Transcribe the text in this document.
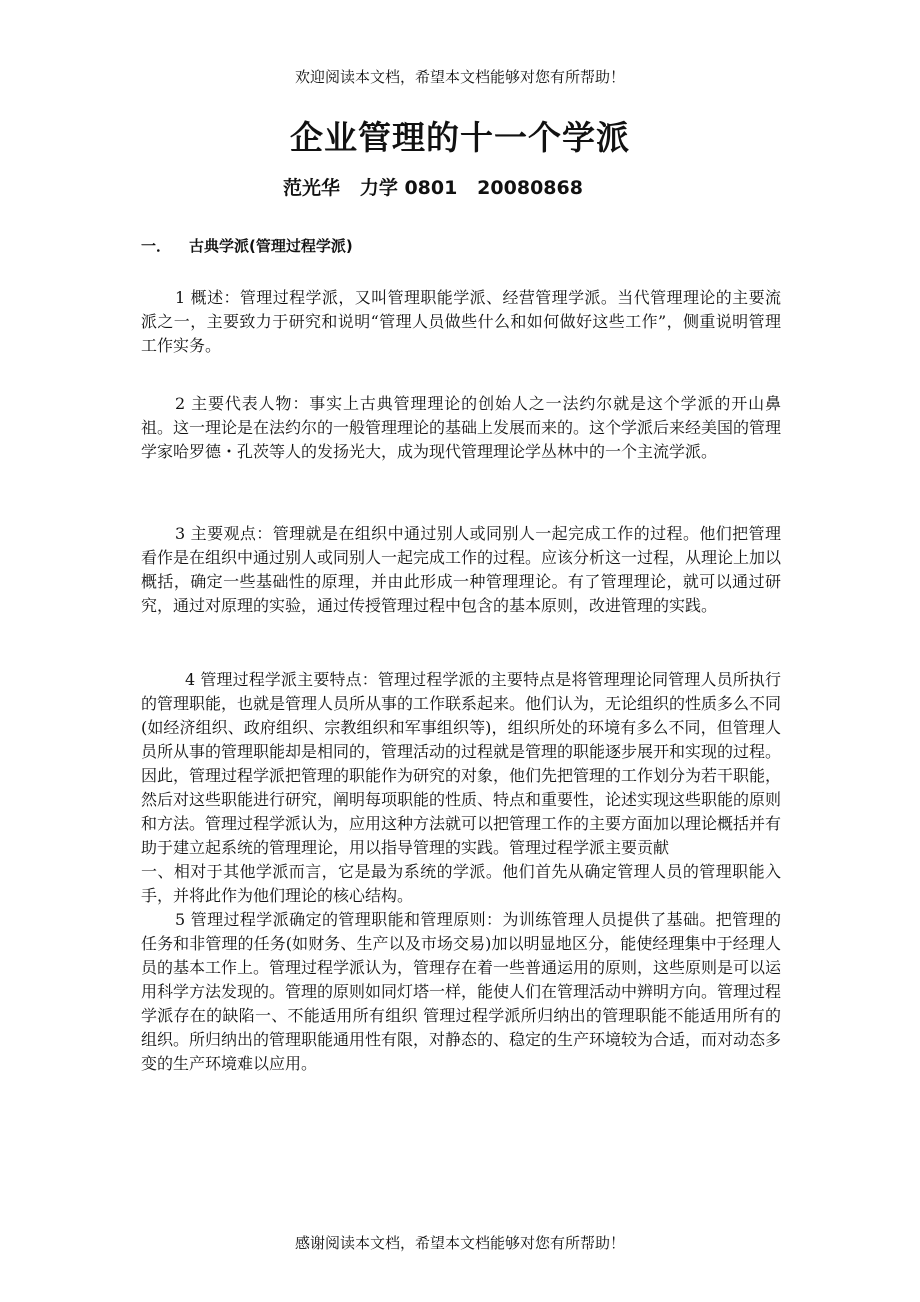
欢迎阅读本文档，希望本文档能够对您有所帮助！
企业管理的十一个学派
范光华   力学 0801   20080868
一． 古典学派(管理过程学派)

1 概述：管理过程学派，又叫管理职能学派、经营管理学派。当代管理理论的主要流派之一，主要致力于研究和说明“管理人员做些什么和如何做好这些工作”，侧重说明管理工作实务。

2 主要代表人物：事实上古典管理理论的创始人之一法约尔就是这个学派的开山鼻祖。这一理论是在法约尔的一般管理理论的基础上发展而来的。这个学派后来经美国的管理学家哈罗德・孔茨等人的发扬光大，成为现代管理理论学丛林中的一个主流学派。

3 主要观点：管理就是在组织中通过别人或同别人一起完成工作的过程。他们把管理看作是在组织中通过别人或同别人一起完成工作的过程。应该分析这一过程，从理论上加以概括，确定一些基础性的原理，并由此形成一种管理理论。有了管理理论，就可以通过研究，通过对原理的实验，通过传授管理过程中包含的基本原则，改进管理的实践。

4 管理过程学派主要特点：管理过程学派的主要特点是将管理理论同管理人员所执行的管理职能，也就是管理人员所从事的工作联系起来。他们认为，无论组织的性质多么不同(如经济组织、政府组织、宗教组织和军事组织等)，组织所处的环境有多么不同，但管理人员所从事的管理职能却是相同的，管理活动的过程就是管理的职能逐步展开和实现的过程。因此，管理过程学派把管理的职能作为研究的对象，他们先把管理的工作划分为若干职能，然后对这些职能进行研究，阐明每项职能的性质、特点和重要性，论述实现这些职能的原则和方法。管理过程学派认为，应用这种方法就可以把管理工作的主要方面加以理论概括并有助于建立起系统的管理理论，用以指导管理的实践。管理过程学派主要贡献

一、相对于其他学派而言，它是最为系统的学派。他们首先从确定管理人员的管理职能入手，并将此作为他们理论的核心结构。

5 管理过程学派确定的管理职能和管理原则：为训练管理人员提供了基础。把管理的任务和非管理的任务(如财务、生产以及市场交易)加以明显地区分，能使经理集中于经理人员的基本工作上。管理过程学派认为，管理存在着一些普通运用的原则，这些原则是可以运用科学方法发现的。管理的原则如同灯塔一样，能使人们在管理活动中辨明方向。管理过程学派存在的缺陷一、不能适用所有组织 管理过程学派所归纳出的管理职能不能适用所有的组织。所归纳出的管理职能通用性有限，对静态的、稳定的生产环境较为合适，而对动态多变的生产环境难以应用。

感谢阅读本文档，希望本文档能够对您有所帮助！
